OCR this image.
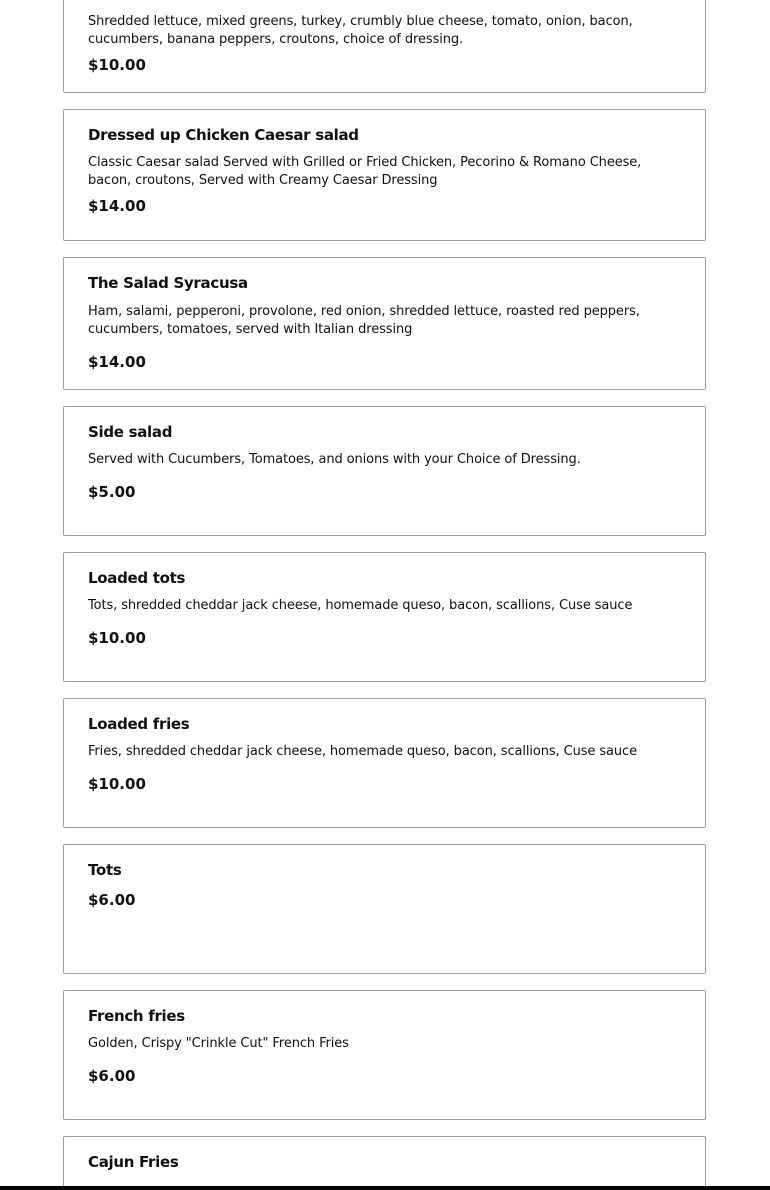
Shredded lettuce, mixed greens, turkey, crumbly blue cheese, tomato, onion, bacon, cucumbers, banana peppers, croutons, choice of dressing.
$10.00
Dressed up Chicken Caesar salad
Classic Caesar salad Served with Grilled or Fried Chicken, Pecorino & Romano Cheese, bacon, croutons, Served with Creamy Caesar Dressing
$14.00
The Salad Syracusa
Ham, salami, pepperoni, provolone, red onion, shredded lettuce, roasted red peppers, cucumbers, tomatoes, served with Italian dressing
$14.00
Side salad
Served with Cucumbers, Tomatoes, and onions with your Choice of Dressing.
$5.00
Loaded tots
Tots, shredded cheddar jack cheese, homemade queso, bacon, scallions, Cuse sauce
$10.00
Loaded fries
Fries, shredded cheddar jack cheese, homemade queso, bacon, scallions, Cuse sauce
$10.00
Tots
$6.00
French fries
Golden, Crispy "Crinkle Cut" French Fries
$6.00
Cajun Fries
